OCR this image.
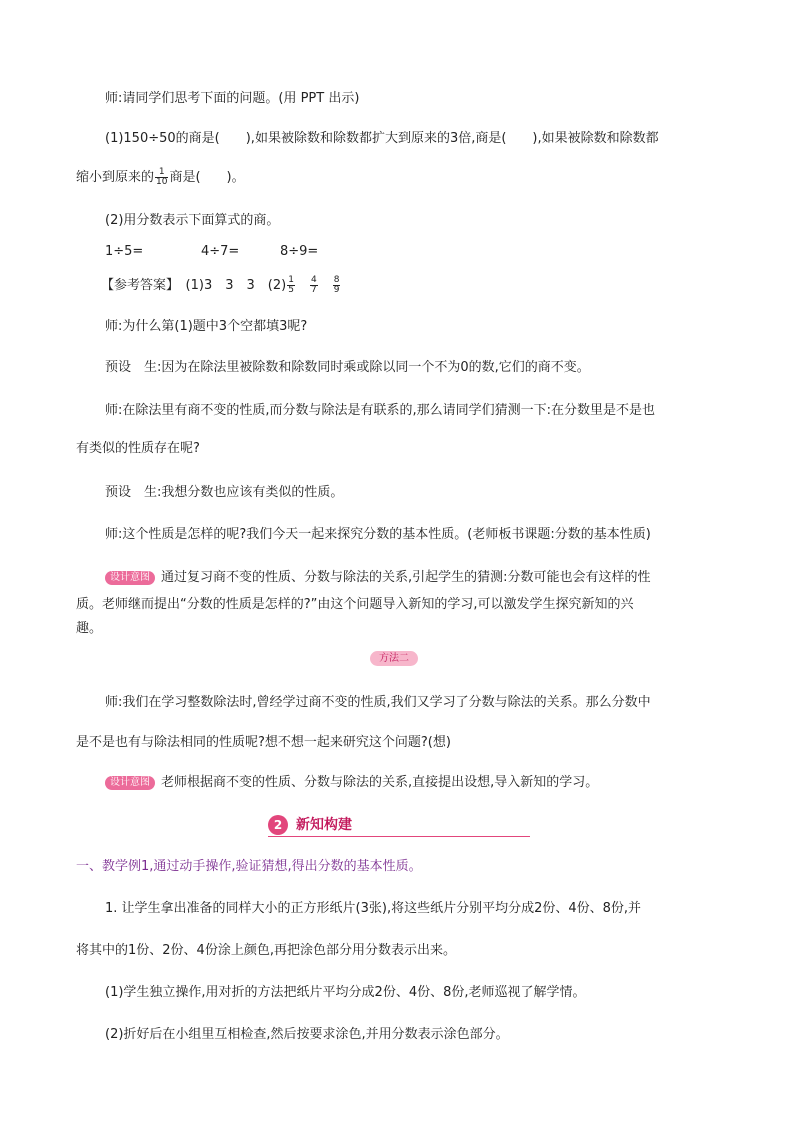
师:请同学们思考下面的问题。(用 PPT 出示)
(1)150÷50的商是(　　),如果被除数和除数都扩大到原来的3倍,商是(　　),如果被除数和除数都
缩小到原来的 $\frac{1}{10}$ 商是(　　)。
(2)用分数表示下面算式的商。
1÷5=	4÷7=	8÷9=
【参考答案】　 (1)3　3　3　$(2) \frac{1}{5}$
　 $\frac{4}{7}$
　 $\frac{8}{9}$
师:为什么第(1)题中3个空都填3呢?
预设　生:因为在除法里被除数和除数同时乘或除以同一个不为0的数,它们的商不变。
师:在除法里有商不变的性质,而分数与除法是有联系的,那么请同学们猜测一下:在分数里是不是也
有类似的性质存在呢?
预设　生:我想分数也应该有类似的性质。
师:这个性质是怎样的呢?我们今天一起来探究分数的基本性质。(老师板书课题:分数的基本性质)
设计意图 通过复习商不变的性质、分数与除法的关系,引起学生的猜测:分数可能也会有这样的性
质。老师继而提出“分数的性质是怎样的?”由这个问题导入新知的学习,可以激发学生探究新知的兴
趣。
方法二
师:我们在学习整数除法时,曾经学过商不变的性质,我们又学习了分数与除法的关系。那么分数中
是不是也有与除法相同的性质呢?想不想一起来研究这个问题?(想)
设计意图 老师根据商不变的性质、分数与除法的关系,直接提出设想,导入新知的学习。
2 新知构建
一、教学例1,通过动手操作,验证猜想,得出分数的基本性质。
1. 让学生拿出准备的同样大小的正方形纸片(3张),将这些纸片分别平均分成2份、4份、8份,并
将其中的1份、2份、4份涂上颜色,再把涂色部分用分数表示出来。
(1)学生独立操作,用对折的方法把纸片平均分成2份、4份、8份,老师巡视了解学情。
(2)折好后在小组里互相检查,然后按要求涂色,并用分数表示涂色部分。
